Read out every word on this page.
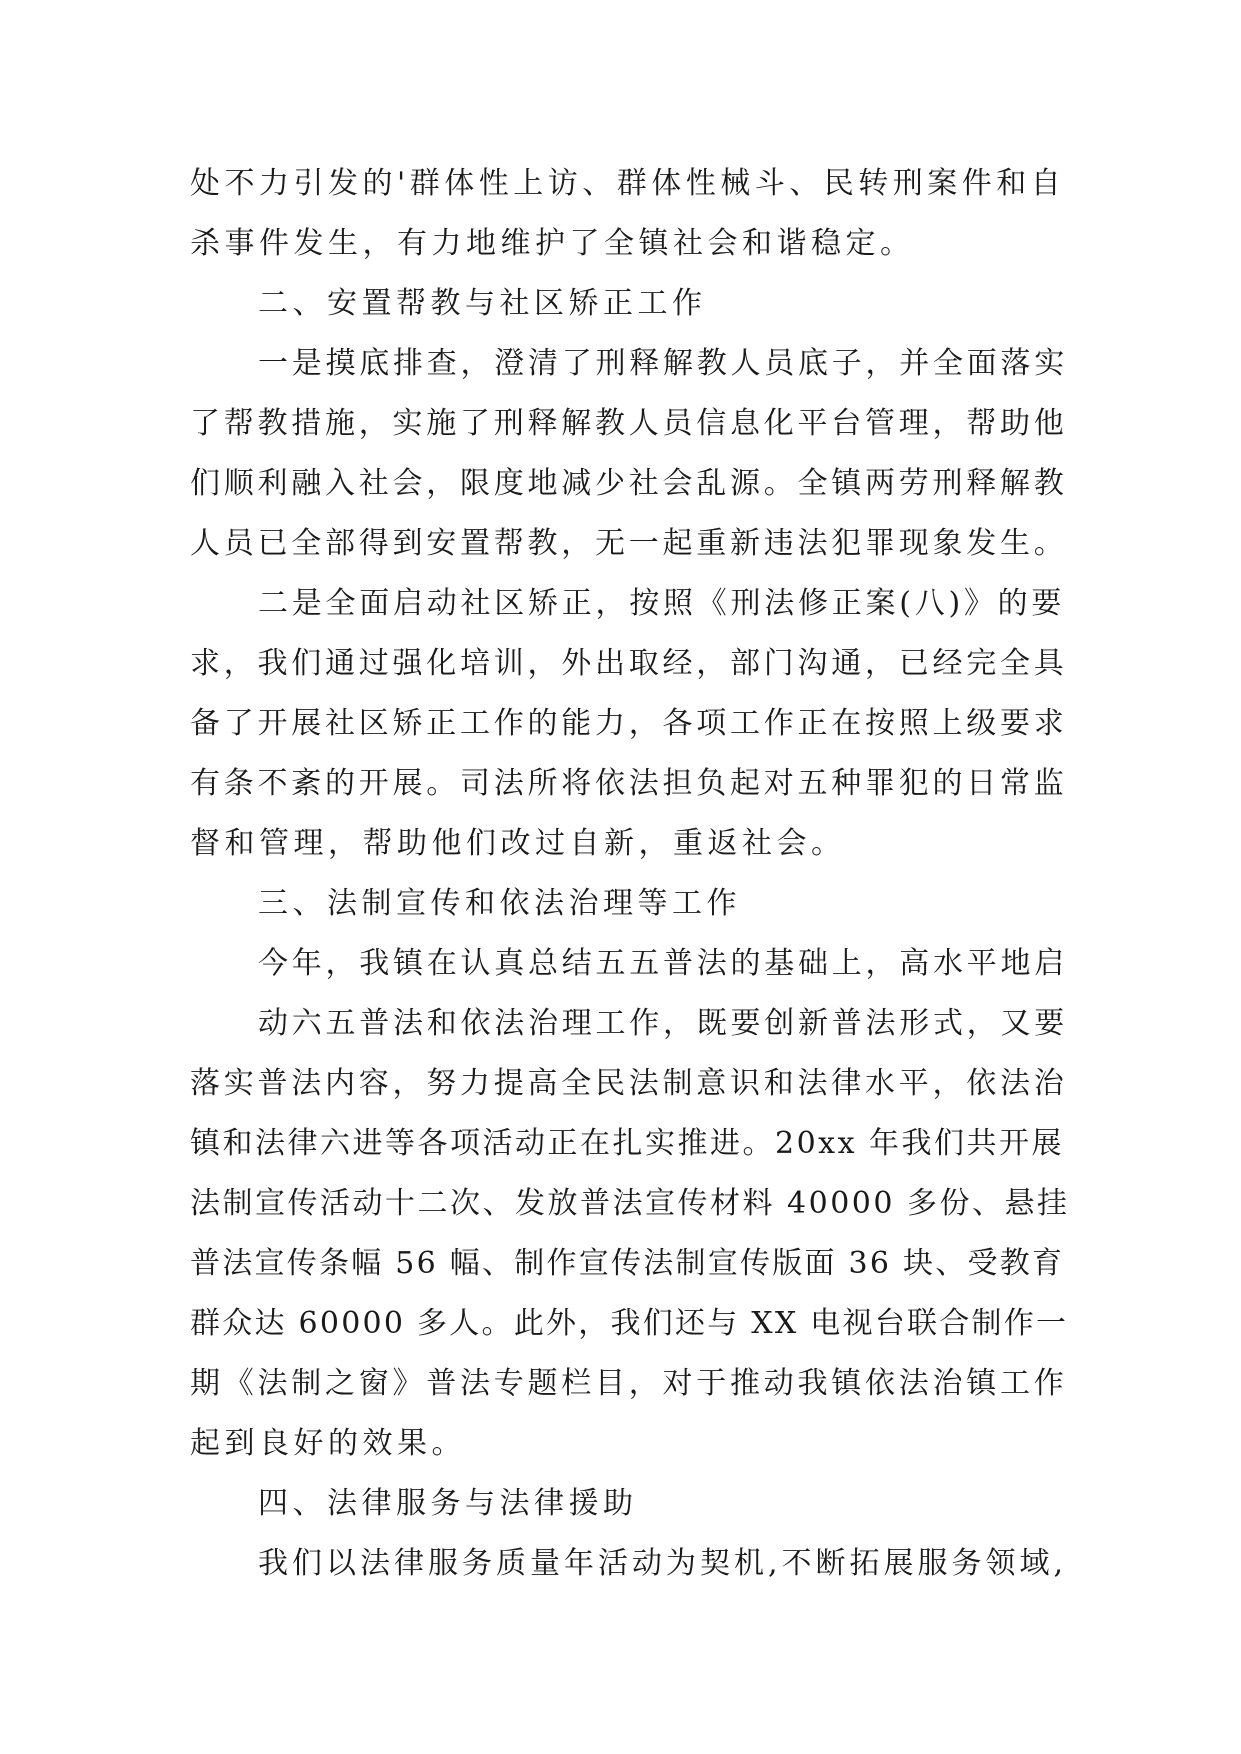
处不力引发的'群体性上访、群体性械斗、民转刑案件和自
杀事件发生，有力地维护了全镇社会和谐稳定。
二、安置帮教与社区矫正工作
一是摸底排查，澄清了刑释解教人员底子，并全面落实
了帮教措施，实施了刑释解教人员信息化平台管理，帮助他
们顺利融入社会，限度地减少社会乱源。全镇两劳刑释解教
人员已全部得到安置帮教，无一起重新违法犯罪现象发生。
二是全面启动社区矫正，按照《刑法修正案(八)》的要
求，我们通过强化培训，外出取经，部门沟通，已经完全具
备了开展社区矫正工作的能力，各项工作正在按照上级要求
有条不紊的开展。司法所将依法担负起对五种罪犯的日常监
督和管理，帮助他们改过自新，重返社会。
三、法制宣传和依法治理等工作
今年，我镇在认真总结五五普法的基础上，高水平地启
动六五普法和依法治理工作，既要创新普法形式，又要
落实普法内容，努力提高全民法制意识和法律水平，依法治
镇和法律六进等各项活动正在扎实推进。20xx 年我们共开展
法制宣传活动十二次、发放普法宣传材料 40000 多份、悬挂
普法宣传条幅 56 幅、制作宣传法制宣传版面 36 块、受教育
群众达 60000 多人。此外，我们还与 XX 电视台联合制作一
期《法制之窗》普法专题栏目，对于推动我镇依法治镇工作
起到良好的效果。
四、法律服务与法律援助
我们以法律服务质量年活动为契机,不断拓展服务领域,
